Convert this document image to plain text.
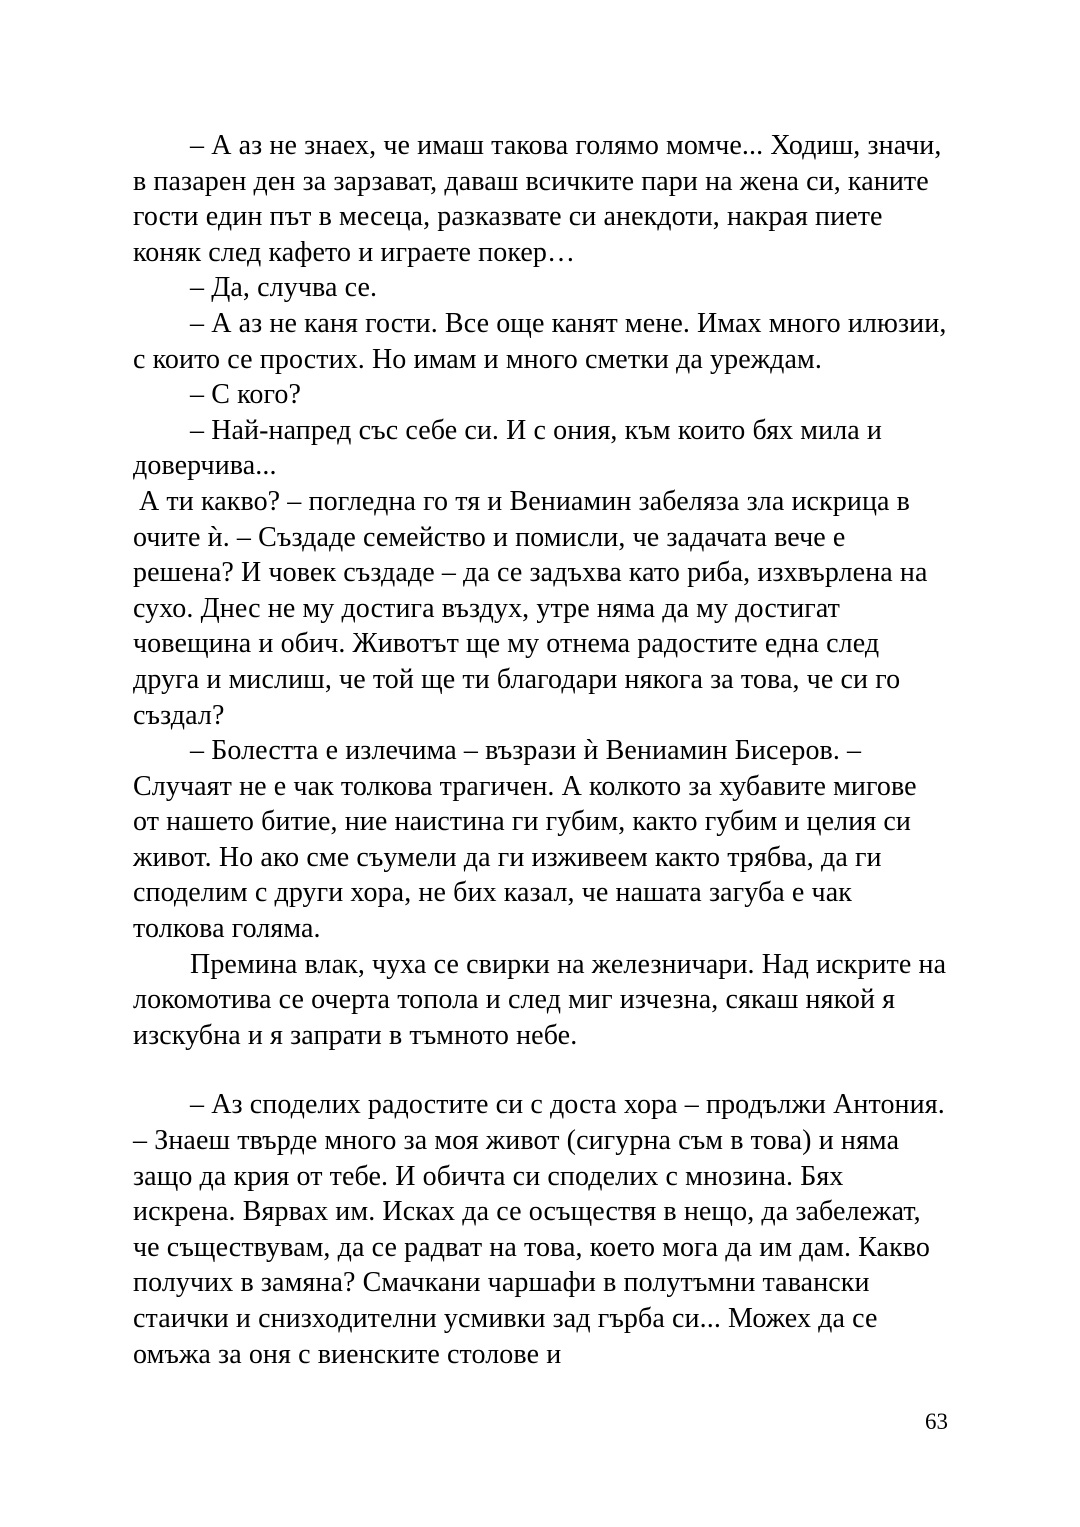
– А аз не знаех, че имаш такова голямо момче... Ходиш, значи, в пазарен ден за зарзават, даваш всичките пари на жена си, каните гости един път в месеца, разказвате си анекдоти, накрая пиете коняк след кафето и играете покер…

– Да, случва се.

– А аз не каня гости. Все още канят мене. Имах много илюзии, с които се простих. Но имам и много сметки да уреждам.

– С кого?

– Най-напред със себе си. И с ония, към които бях мила и доверчива...

А ти какво? – погледна го тя и Вениамин забеляза зла искрица в очите ѝ. – Създаде семейство и помисли, че задачата вече е решена? И човек създаде – да се задъхва като риба, изхвърлена на сухо. Днес не му достига въздух, утре няма да му достигат човещина и обич. Животът ще му отнема радостите една след друга и мислиш, че той ще ти благодари някога за това, че си го създал?

– Болестта е излечима – възрази ѝ Вениамин Бисеров. – Случаят не е чак толкова трагичен. А колкото за хубавите мигове от нашето битие, ние наистина ги губим, както губим и целия си живот. Но ако сме съумели да ги изживеем както трябва, да ги споделим с други хора, не бих казал, че нашата загуба е чак толкова голяма.

Премина влак, чуха се свирки на железничари. Над искрите на локомотива се очерта топола и след миг изчезна, сякаш някой я изскубна и я запрати в тъмното небе.

– Аз споделих радостите си с доста хора – продължи Антония. – Знаеш твърде много за моя живот (сигурна съм в това) и няма защо да крия от тебе. И обичта си споделих с мнозина. Бях искрена. Вярвах им. Исках да се осъществя в нещо, да забележат, че съществувам, да се радват на това, което мога да им дам. Какво получих в замяна? Смачкани чаршафи в полутъмни тавански стаички и снизходителни усмивки зад гърба си... Можех да се омъжа за оня с виенските столове и

63
